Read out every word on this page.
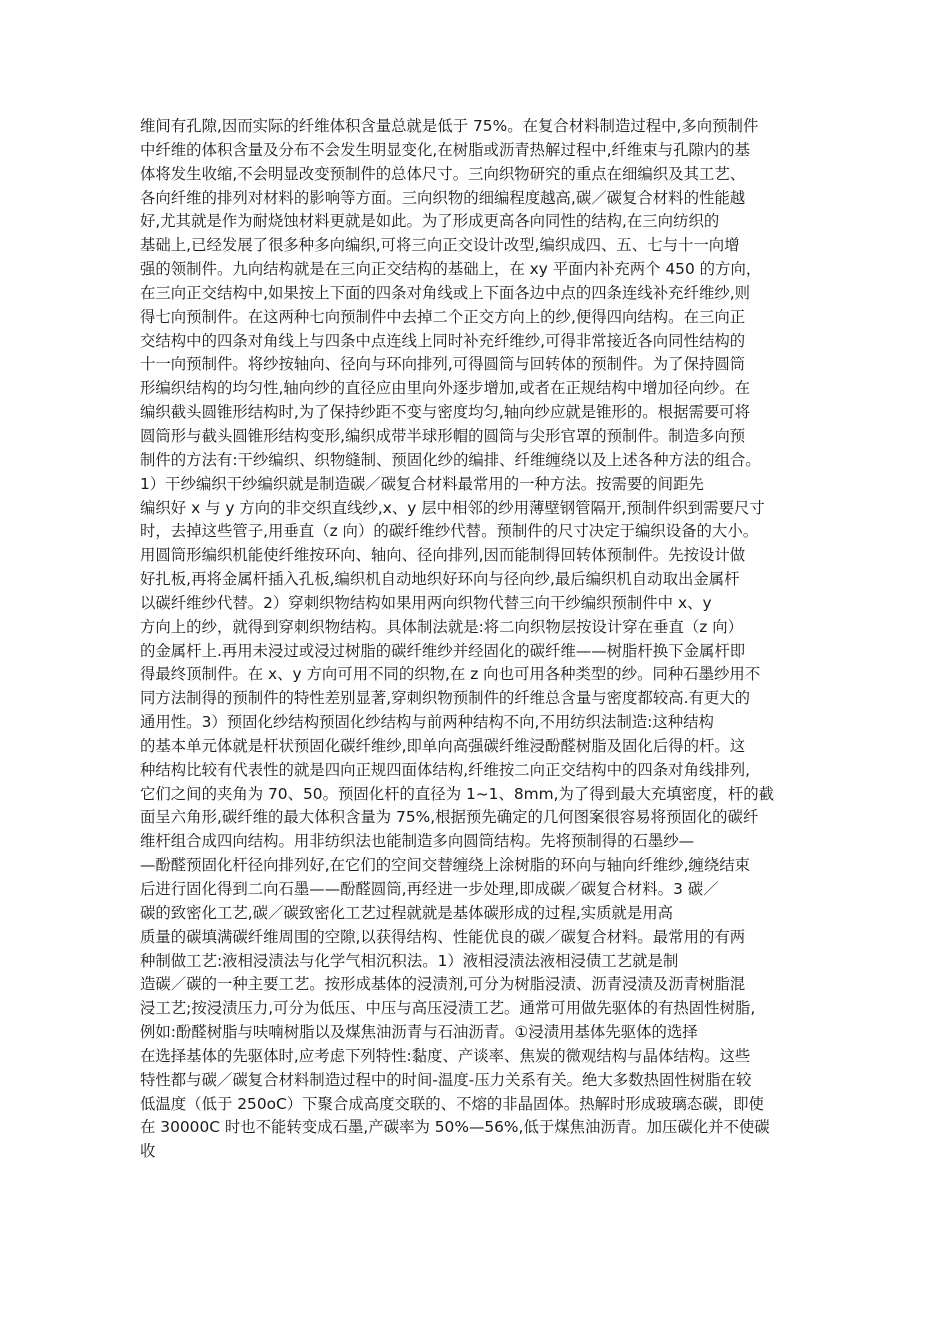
维间有孔隙,因而实际的纤维体积含量总就是低于 75%。在复合材料制造过程中,多向预制件
中纤维的体积含量及分布不会发生明显变化,在树脂或沥青热解过程中,纤维束与孔隙内的基
体将发生收缩,不会明显改变预制件的总体尺寸。三向织物研究的重点在细编织及其工艺、
各向纤维的排列对材料的影响等方面。三向织物的细编程度越高,碳／碳复合材料的性能越
好,尤其就是作为耐烧蚀材料更就是如此。为了形成更高各向同性的结构,在三向纺织的
基础上,已经发展了很多种多向编织,可将三向正交设计改型,编织成四、五、七与十一向增
强的领制件。九向结构就是在三向正交结构的基础上，在 xy 平面内补充两个 450 的方向，
在三向正交结构中,如果按上下面的四条对角线或上下面各边中点的四条连线补充纤维纱,则
得七向预制件。在这两种七向预制件中去掉二个正交方向上的纱,便得四向结构。在三向正
交结构中的四条对角线上与四条中点连线上同时补充纤维纱,可得非常接近各向同性结构的
十一向预制件。将纱按轴向、径向与环向排列,可得圆筒与回转体的预制件。为了保持圆筒
形编织结构的均匀性,轴向纱的直径应由里向外逐步增加,或者在正规结构中增加径向纱。在
编织截头圆锥形结构时,为了保持纱距不变与密度均匀,轴向纱应就是锥形的。根据需要可将
圆筒形与截头圆锥形结构变形,编织成带半球形帽的圆筒与尖形官罩的预制件。制造多向预
制件的方法有:干纱编织、织物缝制、预固化纱的编排、纤维缠绕以及上述各种方法的组合。
1）干纱编织干纱编织就是制造碳／碳复合材料最常用的一种方法。按需要的间距先
编织好 x 与 y 方向的非交织直线纱,x、y 层中相邻的纱用薄壁钢管隔开,预制件织到需要尺寸
时，去掉这些管子,用垂直（z 向）的碳纤维纱代替。预制件的尺寸决定于编织设备的大小。
用圆筒形编织机能使纤维按环向、轴向、径向排列,因而能制得回转体预制件。先按设计做
好扎板,再将金属杆插入孔板,编织机自动地织好环向与径向纱,最后编织机自动取出金属杆
以碳纤维纱代替。2）穿刺织物结构如果用两向织物代替三向干纱编织预制件中 x、y
方向上的纱，就得到穿刺织物结构。具体制法就是:将二向织物层按设计穿在垂直（z 向）
的金属杆上.再用未浸过或浸过树脂的碳纤维纱并经固化的碳纤维——树脂杆换下金属杆即
得最终顶制件。在 x、y 方向可用不同的织物,在 z 向也可用各种类型的纱。同种石墨纱用不
同方法制得的预制件的特性差别显著,穿刺织物预制件的纤维总含量与密度都较高.有更大的
通用性。3）预固化纱结构预固化纱结构与前两种结构不向,不用纺织法制造:这种结构
的基本单元体就是杆状预固化碳纤维纱,即单向高强碳纤维浸酚醛树脂及固化后得的杆。这
种结构比较有代表性的就是四向正规四面体结构,纤维按二向正交结构中的四条对角线排列,
它们之间的夹角为 70、50。预固化杆的直径为 1~1、8mm,为了得到最大充填密度，杆的截
面呈六角形,碳纤维的最大体积含量为 75%,根据预先确定的几何图案很容易将预固化的碳纤
维杆组合成四向结构。用非纺织法也能制造多向圆筒结构。先将预制得的石墨纱—
—酚醛预固化杆径向排列好,在它们的空间交替缠绕上涂树脂的环向与轴向纤维纱,缠绕结束
后进行固化得到二向石墨——酚醛圆筒,再经进一步处理,即成碳／碳复合材料。3 碳／
碳的致密化工艺,碳／碳致密化工艺过程就就是基体碳形成的过程,实质就是用高
质量的碳填满碳纤维周围的空隙,以获得结构、性能优良的碳／碳复合材料。最常用的有两
种制做工艺:液相浸渍法与化学气相沉积法。1）液相浸渍法液相浸债工艺就是制
造碳／碳的一种主要工艺。按形成基体的浸渍剂,可分为树脂浸渍、沥青浸渍及沥青树脂混
浸工艺;按浸渍压力,可分为低压、中压与高压浸渍工艺。通常可用做先驱体的有热固性树脂,
例如:酚醛树脂与呋喃树脂以及煤焦油沥青与石油沥青。①浸渍用基体先驱体的选择
在选择基体的先驱体时,应考虑下列特性:黏度、产谈率、焦炭的微观结构与晶体结构。这些
特性都与碳／碳复合材料制造过程中的时间-温度-压力关系有关。绝大多数热固性树脂在较
低温度（低于 250oC）下聚合成高度交联的、不熔的非晶固体。热解时形成玻璃态碳，即使
在 30000C 时也不能转变成石墨,产碳率为 50%—56%,低于煤焦油沥青。加压碳化并不使碳
收
